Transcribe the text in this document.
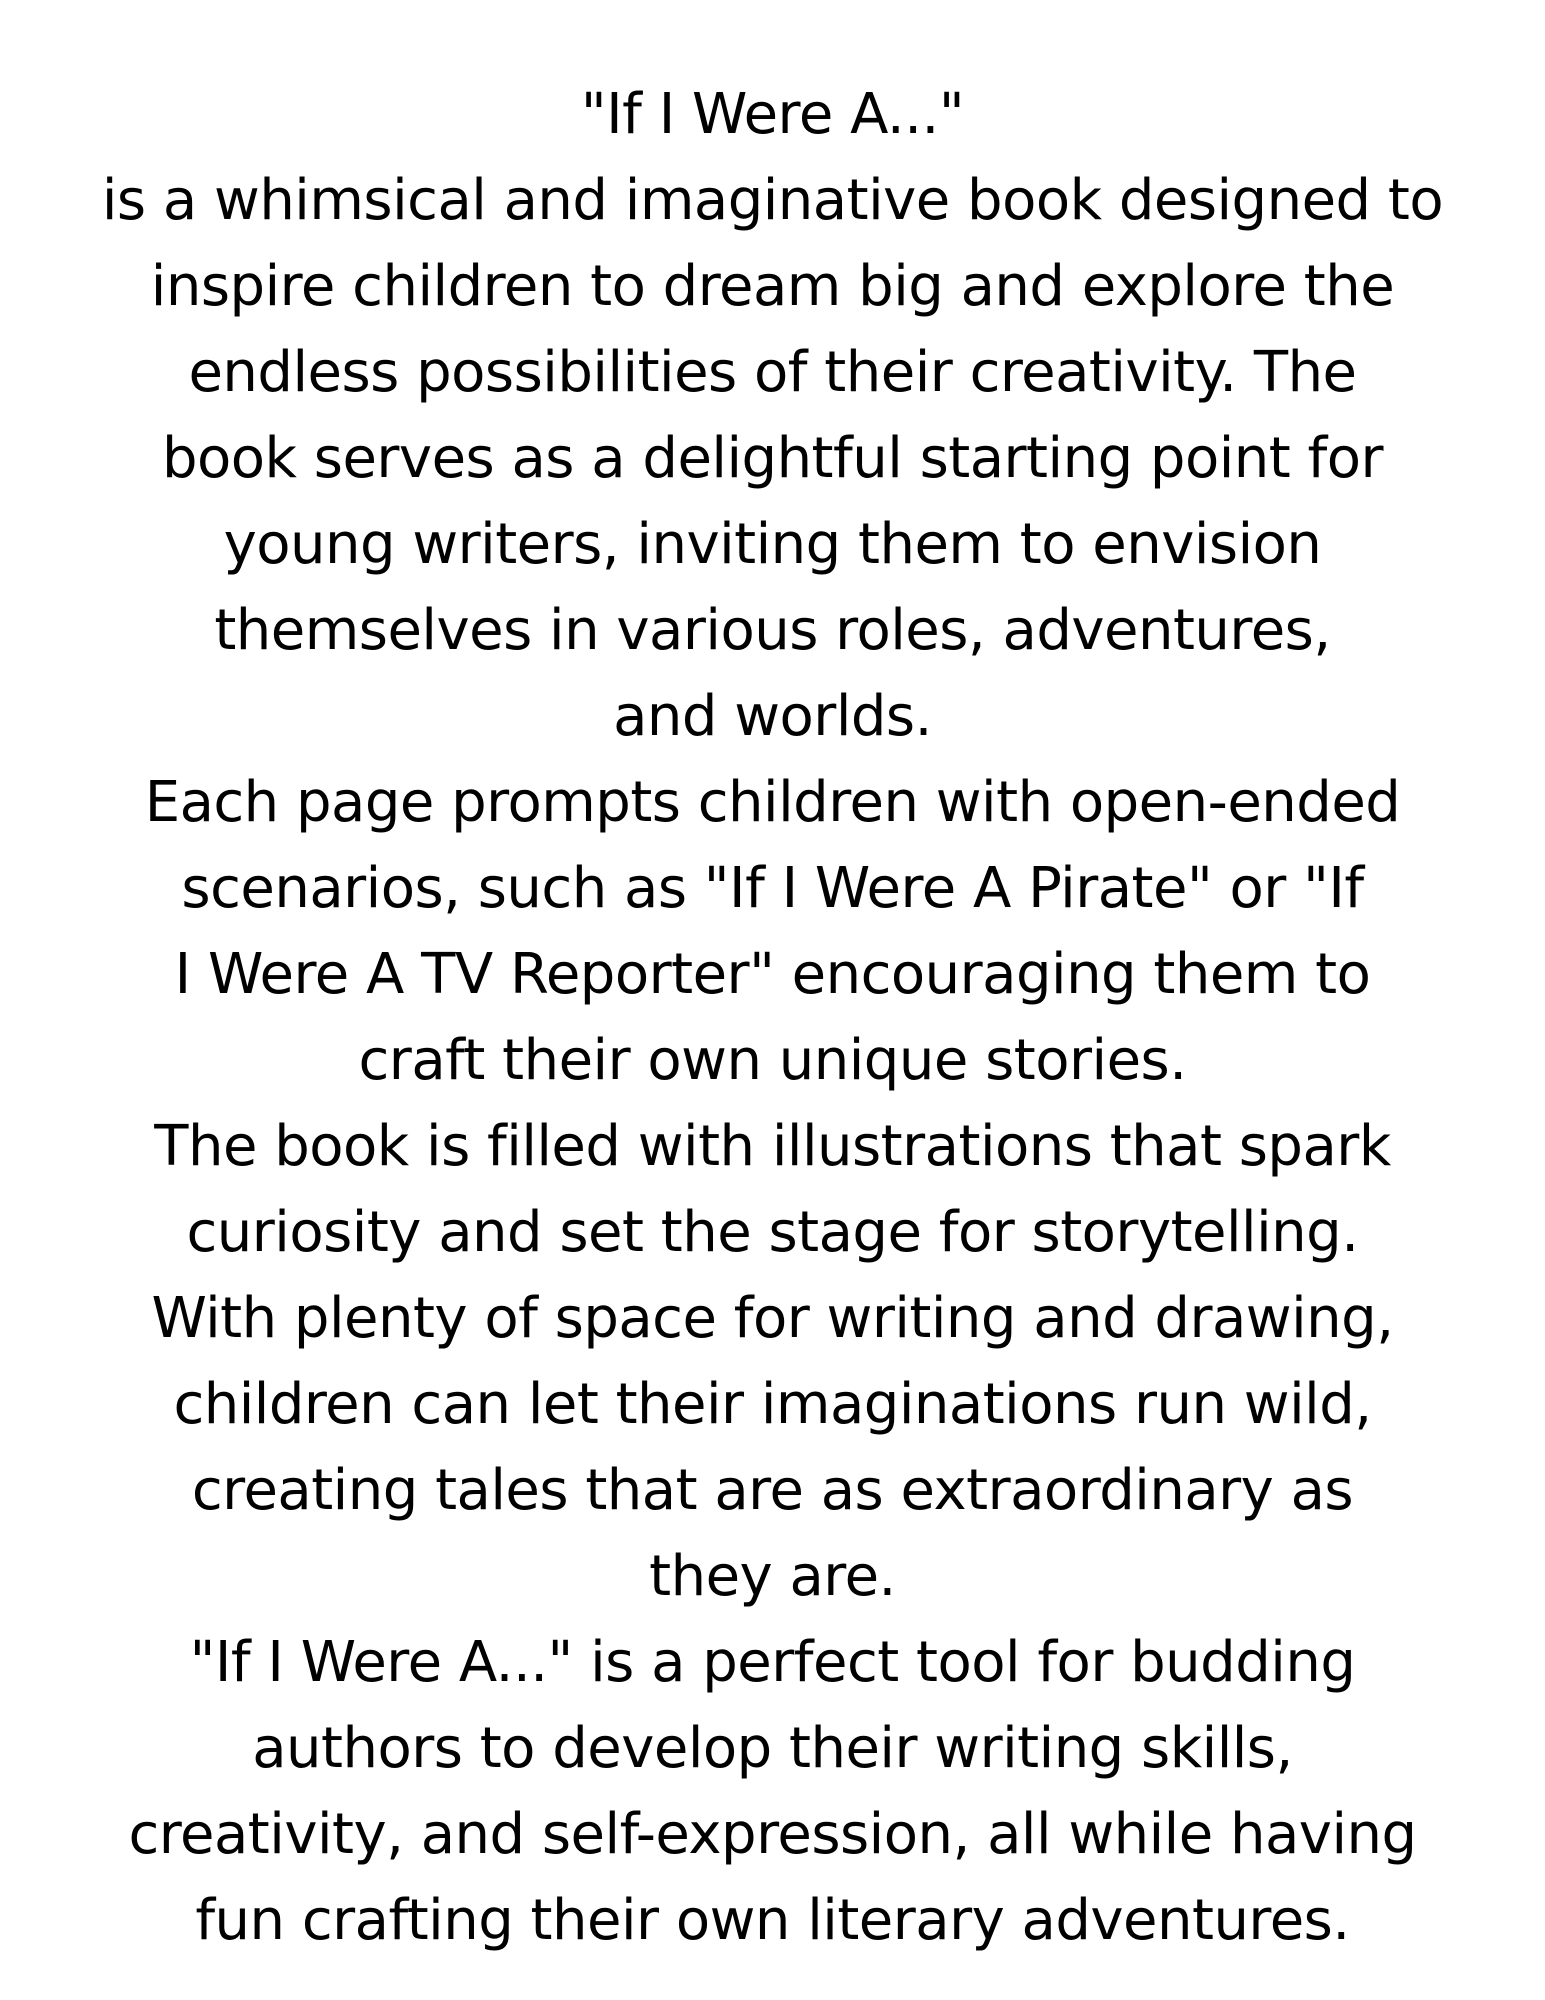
"If I Were A..."
is a whimsical and imaginative book designed to
inspire children to dream big and explore the
endless possibilities of their creativity. The
book serves as a delightful starting point for
young writers, inviting them to envision
themselves in various roles, adventures,
and worlds.
Each page prompts children with open-ended
scenarios, such as "If I Were A Pirate" or "If
I Were A TV Reporter" encouraging them to
craft their own unique stories.
The book is filled with illustrations that spark
curiosity and set the stage for storytelling.
With plenty of space for writing and drawing,
children can let their imaginations run wild,
creating tales that are as extraordinary as
they are.
"If I Were A..." is a perfect tool for budding
authors to develop their writing skills,
creativity, and self-expression, all while having
fun crafting their own literary adventures.
